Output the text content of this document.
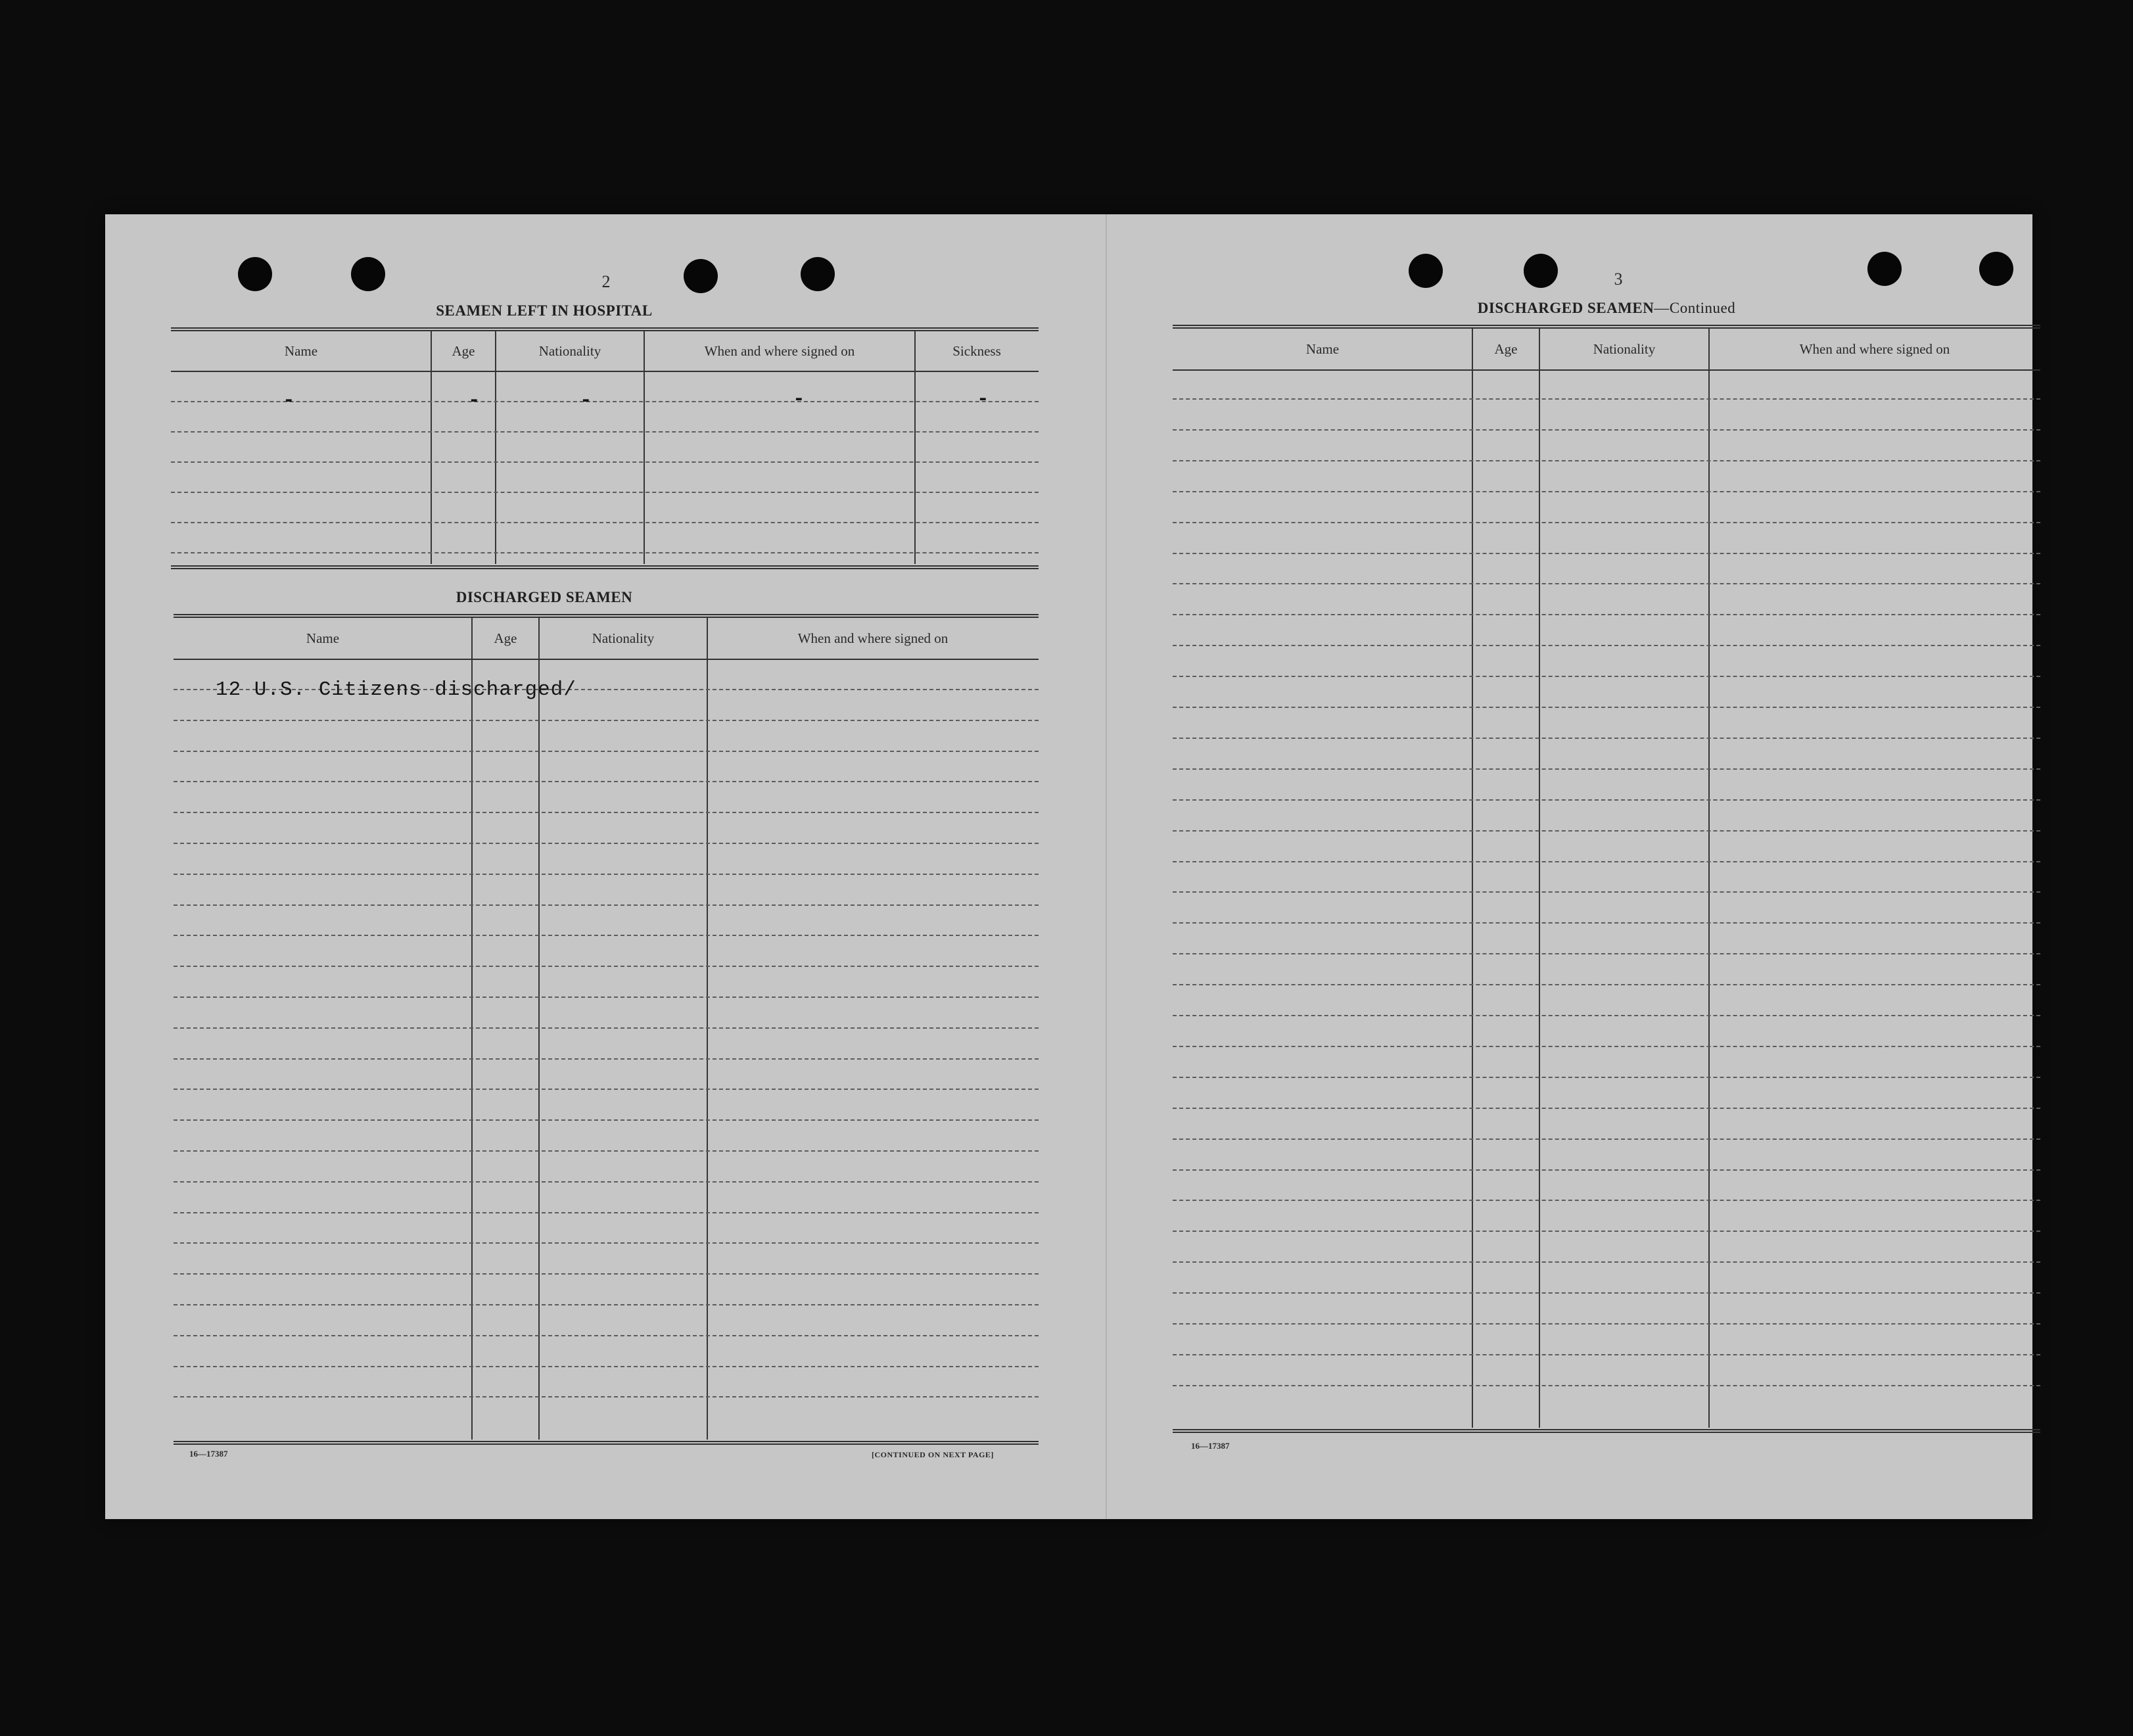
2
SEAMEN LEFT IN HOSPITAL
Name	Age	Nationality	When and where signed on	Sickness
-	-	-	-	-
DISCHARGED SEAMEN
Name	Age	Nationality	When and where signed on
12 U.S. Citizens discharged/
16—17387	[CONTINUED ON NEXT PAGE]
3
DISCHARGED SEAMEN—Continued
Name	Age	Nationality	When and where signed on
16—17387
